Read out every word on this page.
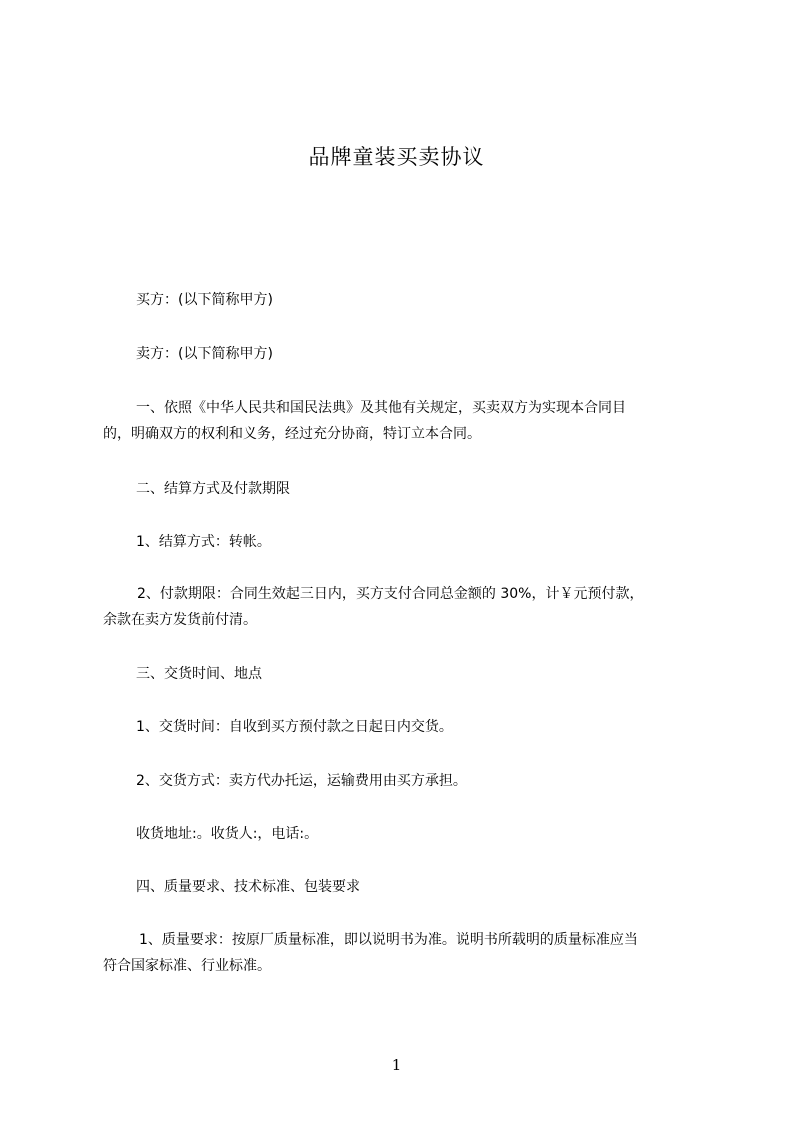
品牌童装买卖协议

买方：(以下简称甲方)

卖方：(以下简称甲方)

一、依照《中华人民共和国民法典》及其他有关规定，买卖双方为实现本合同目
的，明确双方的权利和义务，经过充分协商，特订立本合同。

二、结算方式及付款期限

1、结算方式：转帐。

2、付款期限：合同生效起三日内，买方支付合同总金额的 30%，计￥元预付款，
余款在卖方发货前付清。

三、交货时间、地点

1、交货时间：自收到买方预付款之日起日内交货。

2、交货方式：卖方代办托运，运输费用由买方承担。

收货地址:。收货人:，电话:。

四、质量要求、技术标准、包装要求

1、质量要求：按原厂质量标准，即以说明书为准。说明书所载明的质量标准应当
符合国家标准、行业标准。

1
